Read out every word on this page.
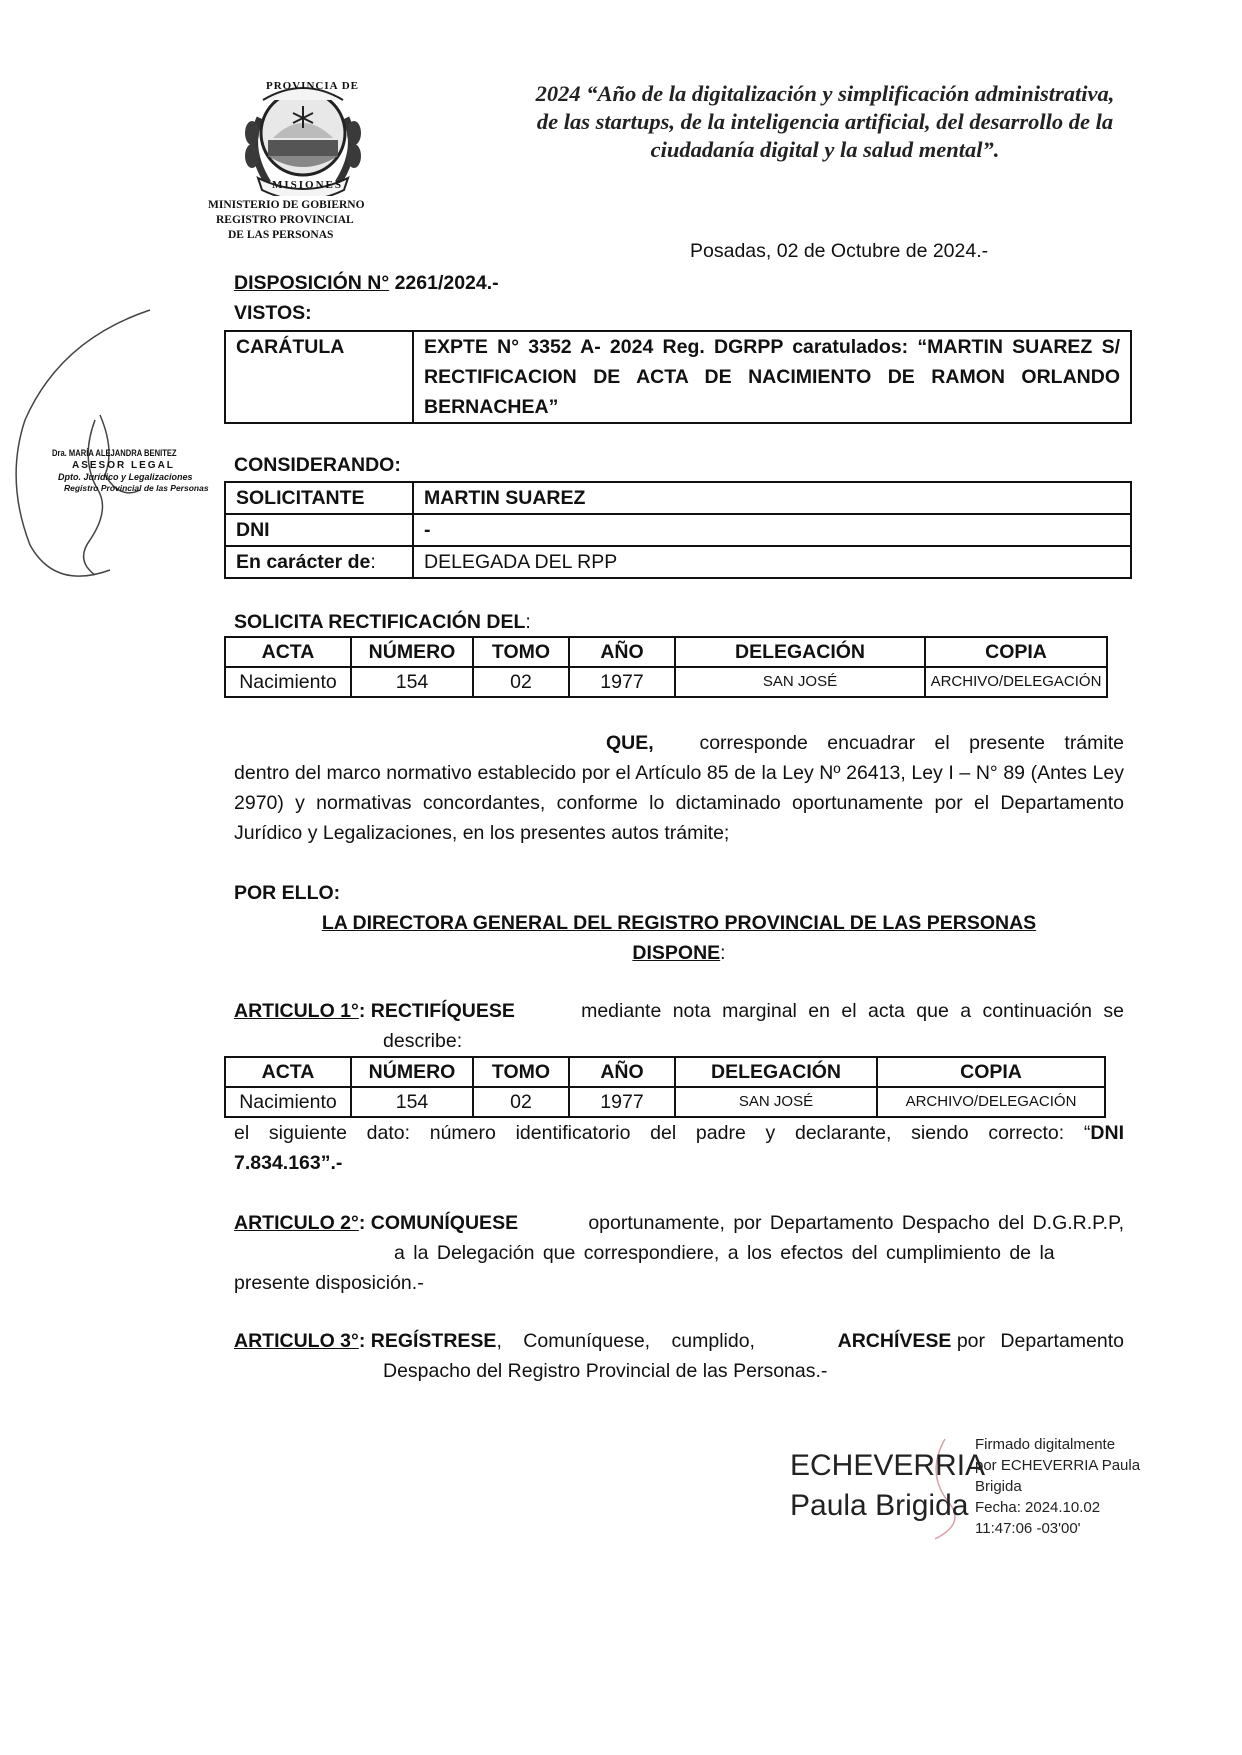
PROVINCIA DE
MISIONES
MINISTERIO DE GOBIERNO
REGISTRO PROVINCIAL
DE LAS PERSONAS
2024 “Año de la digitalización y simplificación administrativa,
de las startups, de la inteligencia artificial, del desarrollo de la
ciudadanía digital y la salud mental”.
Posadas, 02 de Octubre de 2024.-
DISPOSICIÓN N° 2261/2024.-
VISTOS:
CARÁTULA	EXPTE N° 3352 A- 2024 Reg. DGRPP caratulados: “MARTIN SUAREZ S/ RECTIFICACION DE ACTA DE NACIMIENTO DE RAMON ORLANDO BERNACHEA”
CONSIDERANDO:
SOLICITANTE	MARTIN SUAREZ
DNI	-
En carácter de:	DELEGADA DEL RPP
SOLICITA RECTIFICACIÓN DEL:
ACTA	NÚMERO	TOMO	AÑO	DELEGACIÓN	COPIA
Nacimiento	154	02	1977	SAN JOSÉ	ARCHIVO/DELEGACIÓN
QUE, corresponde encuadrar el presente trámite
dentro del marco normativo establecido por el Artículo 85 de la Ley Nº 26413, Ley I – N° 89 (Antes Ley 2970) y normativas concordantes, conforme lo dictaminado oportunamente por el Departamento Jurídico y Legalizaciones, en los presentes autos trámite;
POR ELLO:
LA DIRECTORA GENERAL DEL REGISTRO PROVINCIAL DE LAS PERSONAS
DISPONE:
ARTICULO 1°: RECTIFÍQUESE	mediante nota marginal en el acta que a continuación se
describe:
ACTA	NÚMERO	TOMO	AÑO	DELEGACIÓN	COPIA
Nacimiento	154	02	1977	SAN JOSÉ	ARCHIVO/DELEGACIÓN
el siguiente dato: número identificatorio del padre y declarante, siendo correcto: “DNI 7.834.163”.-
ARTICULO 2°: COMUNÍQUESE	oportunamente, por Departamento Despacho del D.G.R.P.P,
a la Delegación que correspondiere, a los efectos del cumplimiento de la
presente disposición.-
ARTICULO 3°: REGÍSTRESE, Comuníquese, cumplido,	ARCHÍVESE por Departamento
Despacho del Registro Provincial de las Personas.-
Dra. MARÍA ALEJANDRA BENITEZ
ASESOR LEGAL
Dpto. Jurídico y Legalizaciones
Registro Provincial de las Personas
ECHEVERRIA
Paula Brigida
Firmado digitalmente
por ECHEVERRIA Paula
Brigida
Fecha: 2024.10.02
11:47:06 -03'00'
